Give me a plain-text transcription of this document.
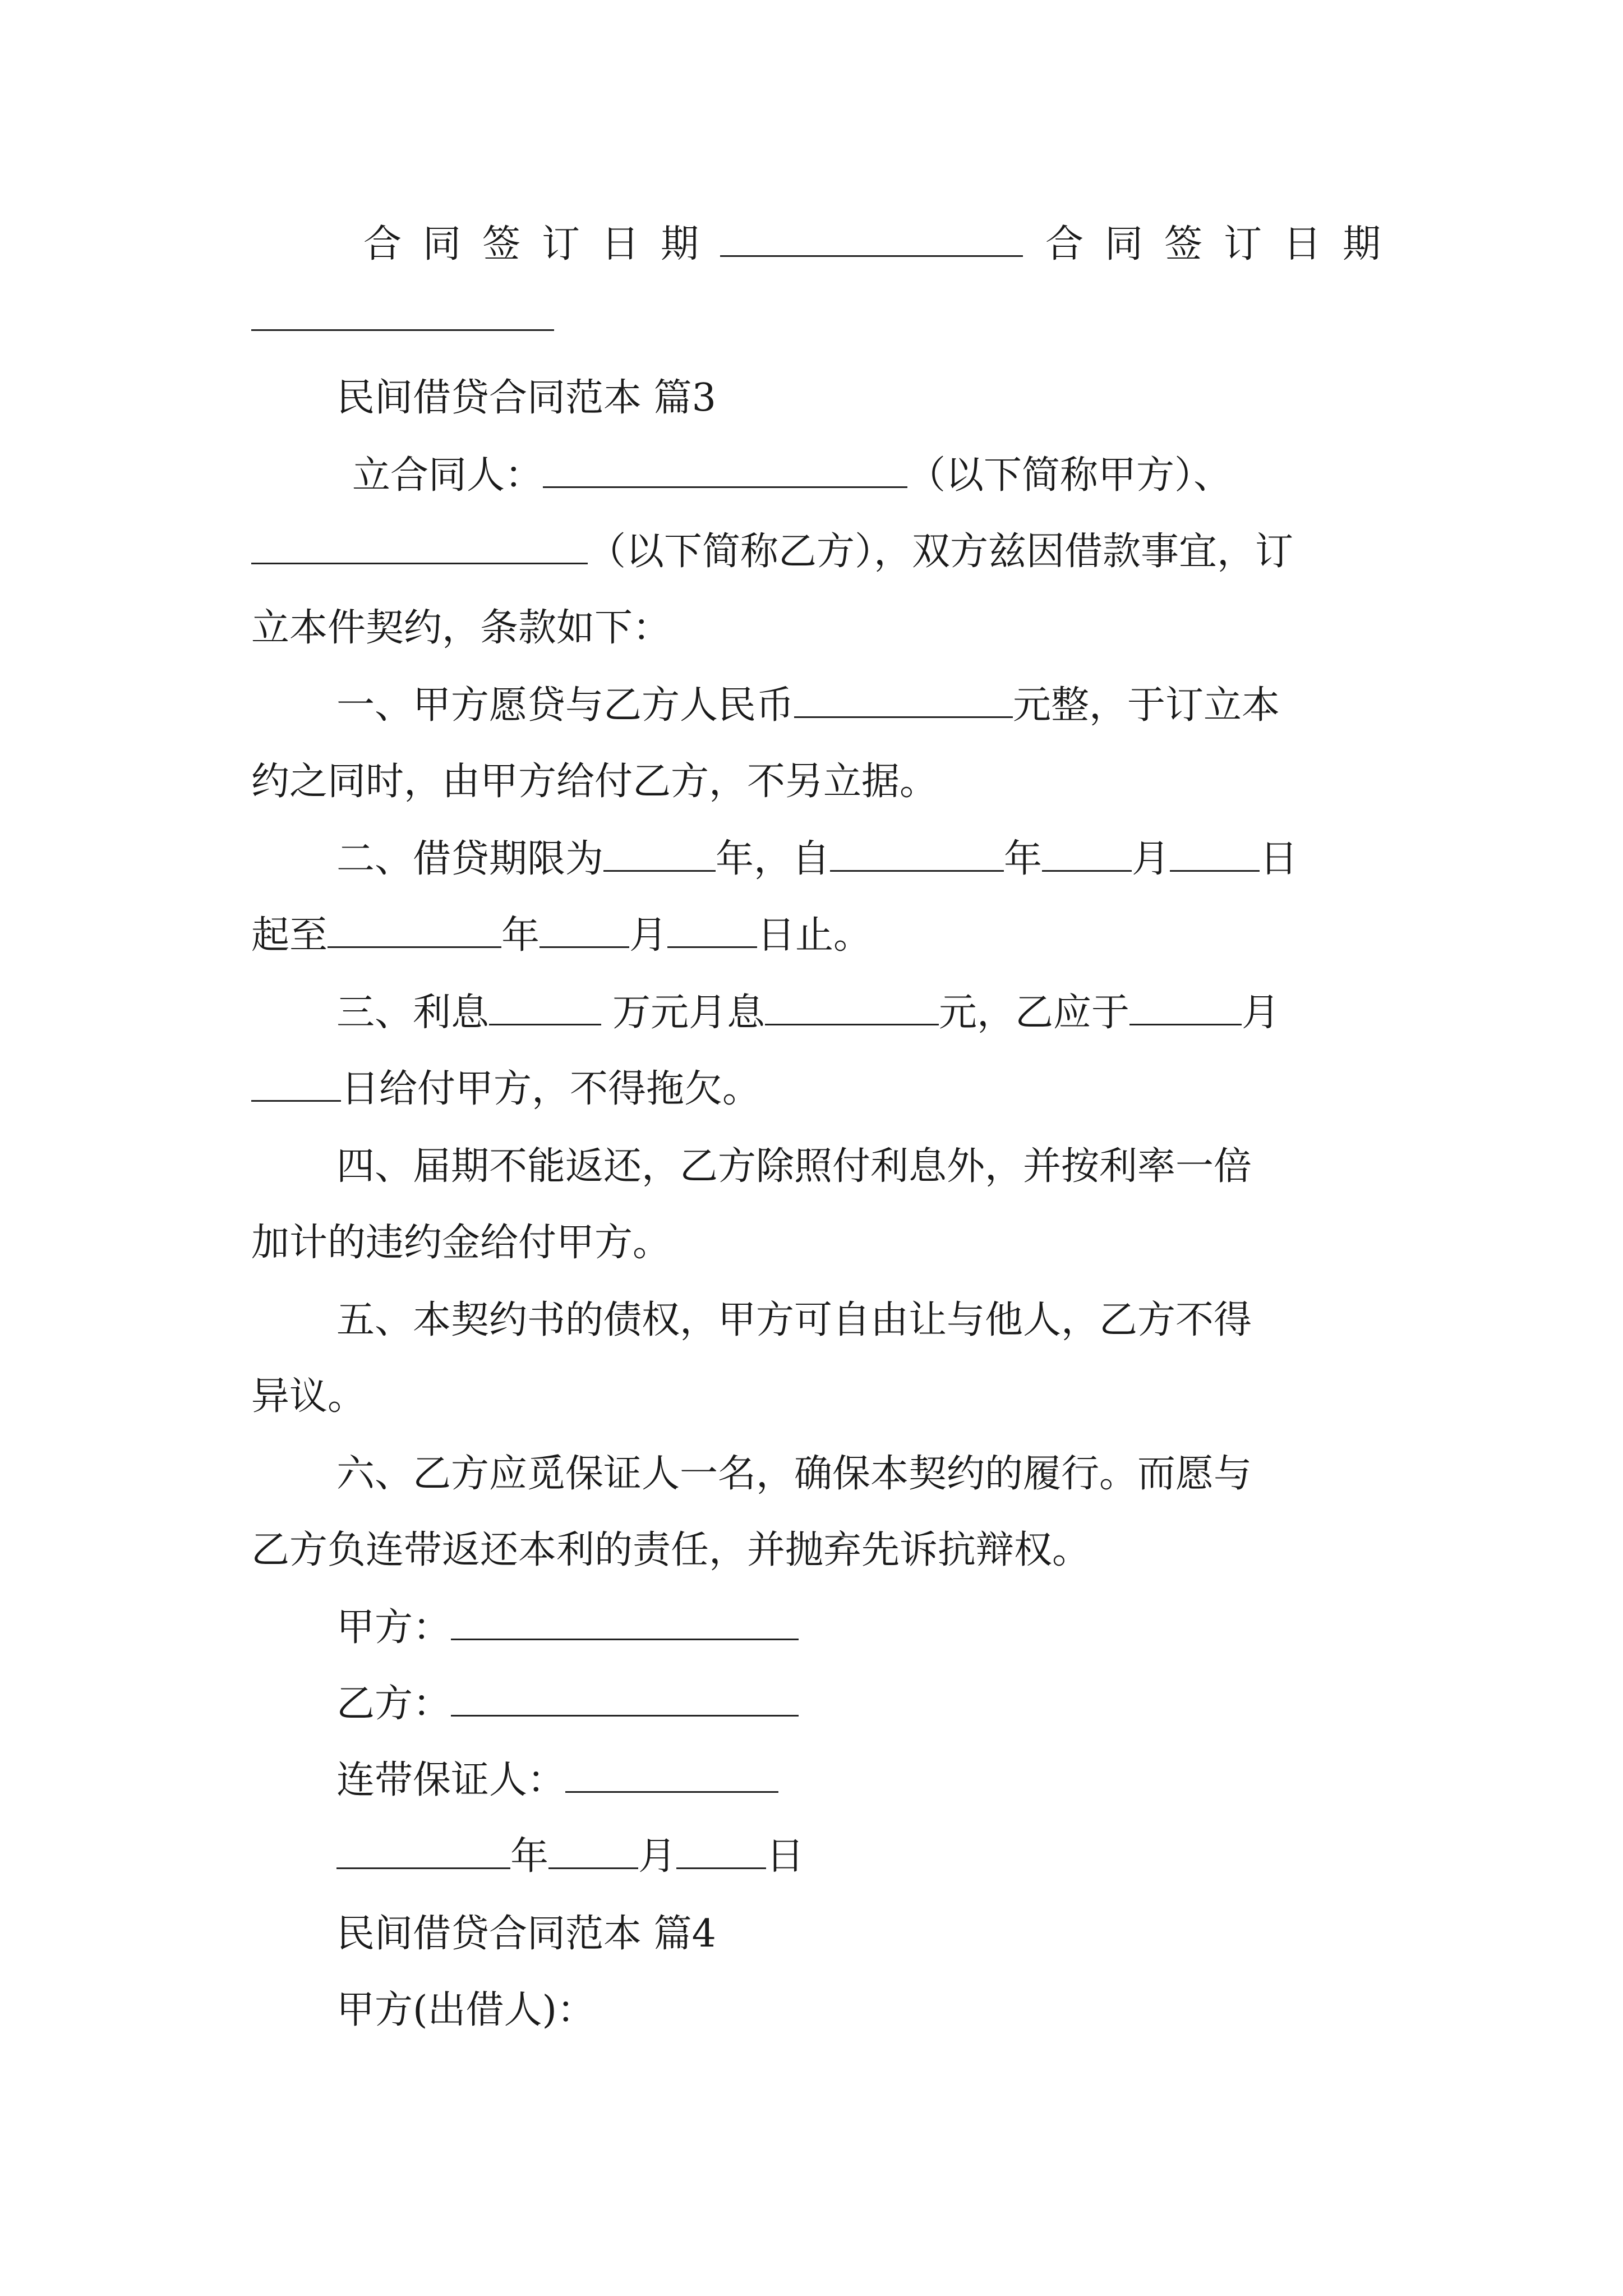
合同签订日期	合同签订日期
民间借贷合同范本 篇3
立合同人：	（以下简称甲方）、
（以下简称乙方），双方兹因借款事宜，订
立本件契约，条款如下：
一、甲方愿贷与乙方人民币	元整，于订立本
约之同时，由甲方给付乙方，不另立据。
二、借贷期限为	年，自	年 月 日
起至	年 月 日止。
三、利息	万元月息	元，乙应于	月
日给付甲方，不得拖欠。
四、届期不能返还，乙方除照付利息外，并按利率一倍
加计的违约金给付甲方。
五、本契约书的债权，甲方可自由让与他人，乙方不得
异议。
六、乙方应觅保证人一名，确保本契约的履行。而愿与
乙方负连带返还本利的责任，并抛弃先诉抗辩权。
甲方：
乙方：
连带保证人：
年 月 日
民间借贷合同范本 篇4
甲方(出借人)：
